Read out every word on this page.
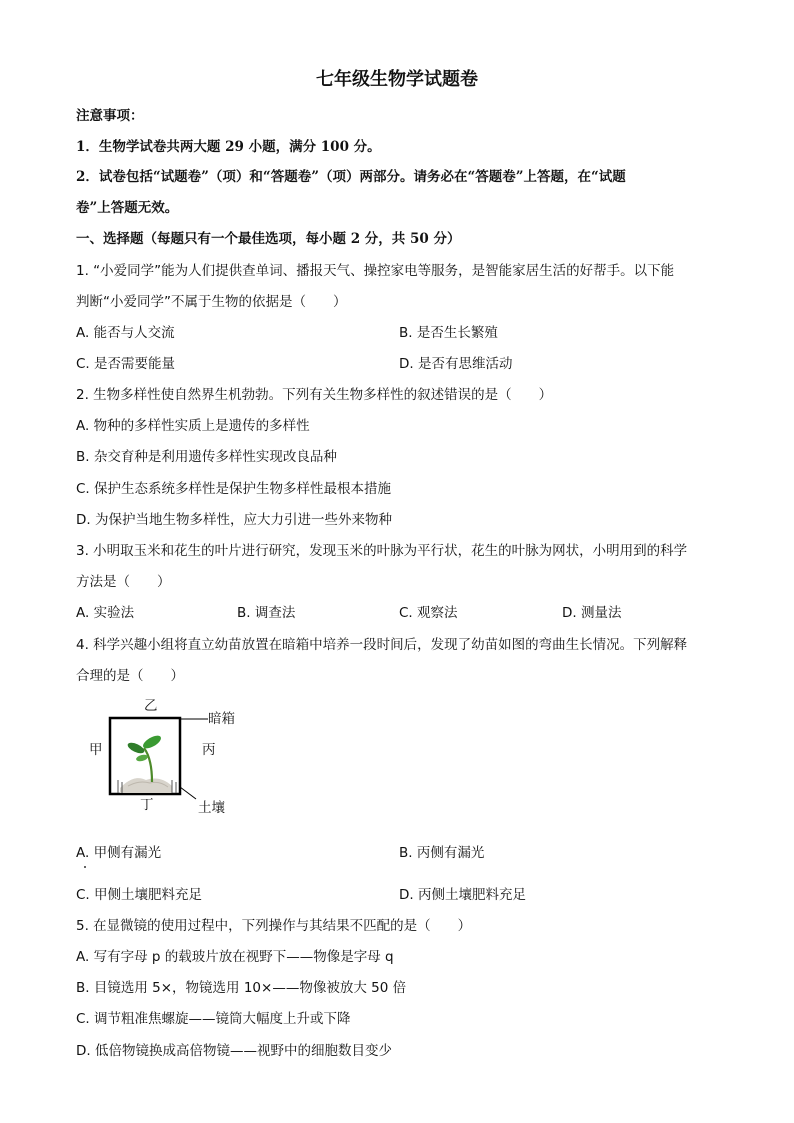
七年级生物学试题卷
注意事项：
1．生物学试卷共两大题 29 小题，满分 100 分。
2．试卷包括“试题卷”（项）和“答题卷”（项）两部分。请务必在“答题卷”上答题，在“试题
卷”上答题无效。
一、选择题（每题只有一个最佳选项，每小题 2 分，共 50 分）
1. “小爱同学”能为人们提供查单词、播报天气、操控家电等服务，是智能家居生活的好帮手。以下能
判断“小爱同学”不属于生物的依据是（　　）
A. 能否与人交流	B. 是否生长繁殖
C. 是否需要能量	D. 是否有思维活动
2. 生物多样性使自然界生机勃勃。下列有关生物多样性的叙述错误的是（　　）
A. 物种的多样性实质上是遗传的多样性
B. 杂交育种是利用遗传多样性实现改良品种
C. 保护生态系统多样性是保护生物多样性最根本措施
D. 为保护当地生物多样性，应大力引进一些外来物种
3. 小明取玉米和花生的叶片进行研究，发现玉米的叶脉为平行状，花生的叶脉为网状，小明用到的科学
方法是（　　）
A. 实验法	B. 调查法	C. 观察法	D. 测量法
4. 科学兴趣小组将直立幼苗放置在暗箱中培养一段时间后，发现了幼苗如图的弯曲生长情况。下列解释
合理的是（　　）
乙
甲	丙
丁
暗箱
土壤
A. 甲侧有漏光	B. 丙侧有漏光
C. 甲侧土壤肥料充足	D. 丙侧土壤肥料充足
5. 在显微镜的使用过程中，下列操作与其结果不匹配的是（　　）
A. 写有字母 p 的载玻片放在视野下——物像是字母 q
B. 目镜选用 5×，物镜选用 10×——物像被放大 50 倍
C. 调节粗准焦螺旋——镜筒大幅度上升或下降
D. 低倍物镜换成高倍物镜——视野中的细胞数目变少
